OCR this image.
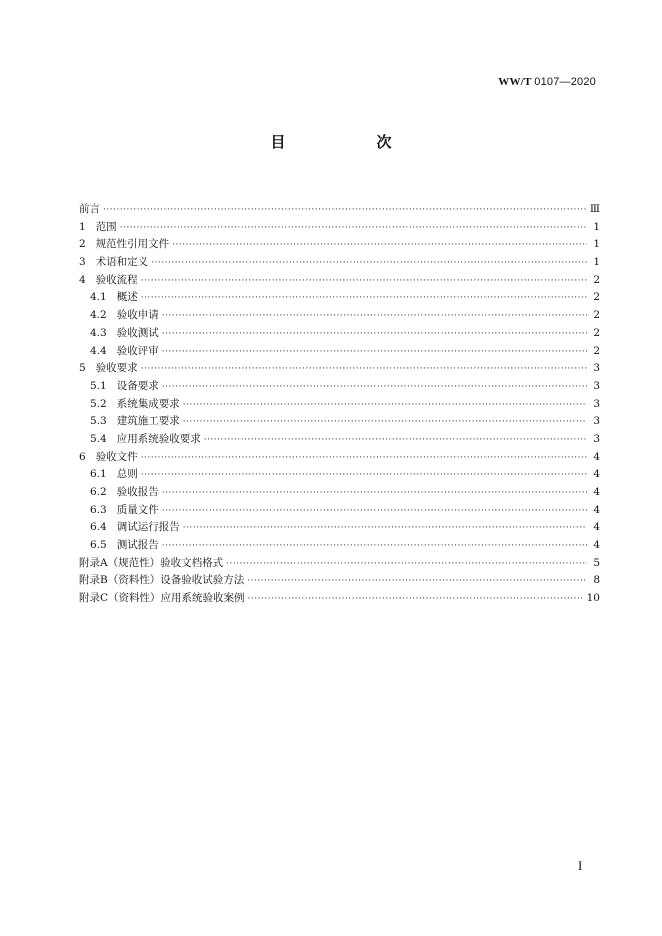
WW/T 0107—2020
目　次
前言 ·····	Ⅲ
1 范围 ·····	1
2 规范性引用文件 ·····	1
3 术语和定义 ·····	1
4 验收流程 ·····	2
4.1 概述 ·····	2
4.2 验收申请 ·····	2
4.3 验收测试 ·····	2
4.4 验收评审 ·····	2
5 验收要求 ·····	3
5.1 设备要求 ·····	3
5.2 系统集成要求 ·····	3
5.3 建筑施工要求 ·····	3
5.4 应用系统验收要求 ·····	3
6 验收文件 ·····	4
6.1 总则 ·····	4
6.2 验收报告 ·····	4
6.3 质量文件 ·····	4
6.4 调试运行报告 ·····	4
6.5 测试报告 ·····	4
附录A（规范性）验收文档格式 ·····	5
附录B（资料性）设备验收试验方法 ·····	8
附录C（资料性）应用系统验收案例 ·····	10
I
